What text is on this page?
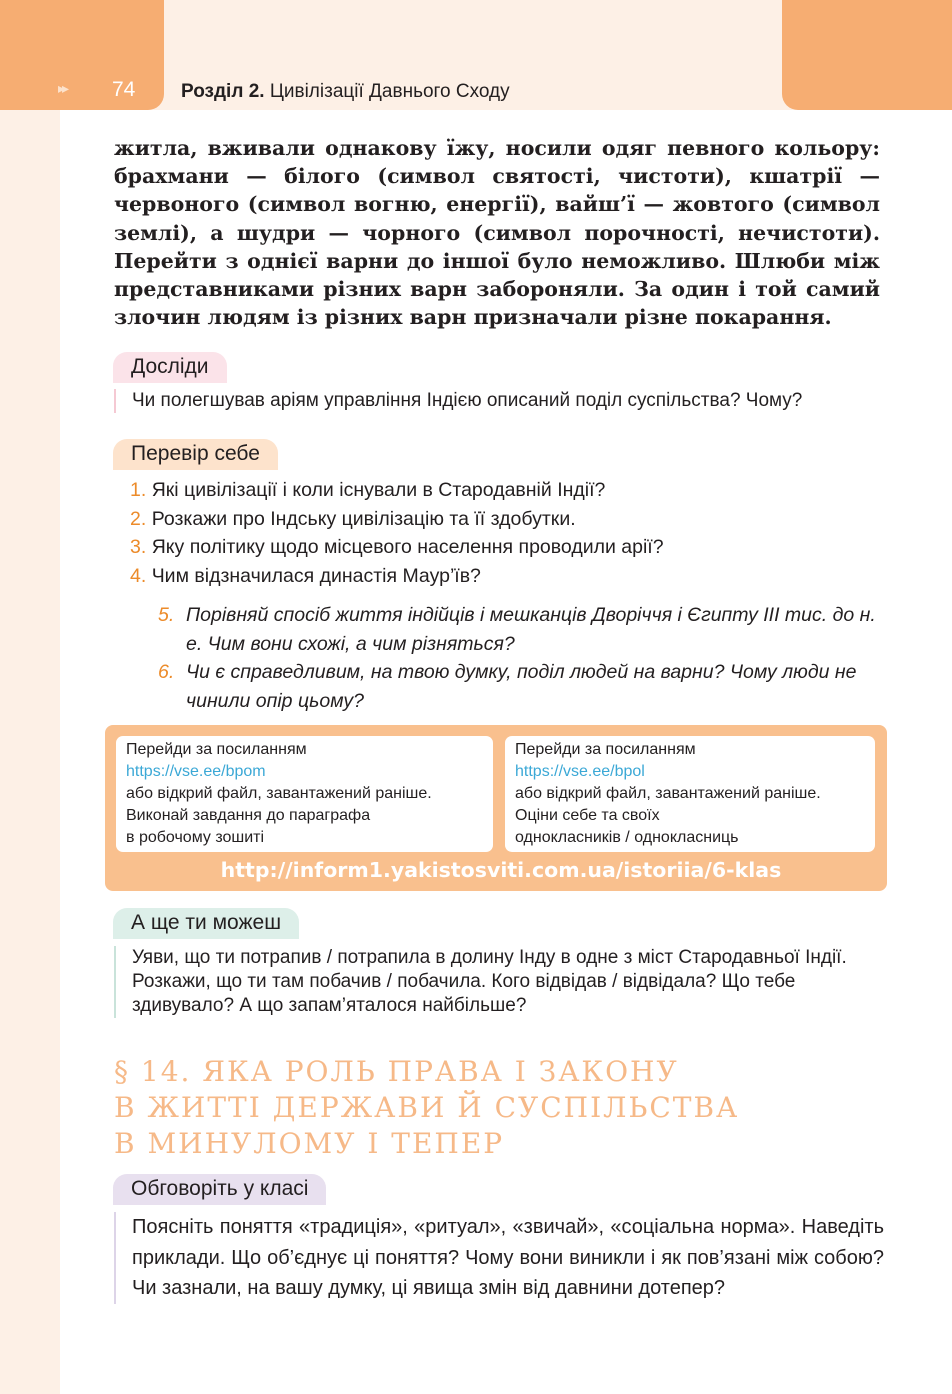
▸▸ 74 Розділ 2. Цивілізації Давнього Сходу
житла, вживали однакову їжу, носили одяг певного кольору: брахмани — білого (символ святості, чистоти), кшатрії — червоного (символ вогню, енергії), вайш’ї — жовтого (символ землі), а шудри — чорного (символ порочності, нечистоти). Перейти з однієї варни до іншої було неможливо. Шлюби між представниками різних варн забороняли. За один і той самий злочин людям із різних варн призначали різне покарання.
Досліди
Чи полегшував аріям управління Індією описаний поділ суспільства? Чому?
Перевір себе
1. Які цивілізації і коли існували в Стародавній Індії?
2. Розкажи про Індську цивілізацію та її здобутки.
3. Яку політику щодо місцевого населення проводили арії?
4. Чим відзначилася династія Маур’їв?
5. Порівняй спосіб життя індійців і мешканців Дворіччя і Єгипту ІІІ тис. до н. е. Чим вони схожі, а чим різняться?
6. Чи є справедливим, на твою думку, поділ людей на варни? Чому люди не чинили опір цьому?
Перейди за посиланням
https://vse.ee/bpom
або відкрий файл, завантажений раніше.
Виконай завдання до параграфа
в робочому зошиті
Перейди за посиланням
https://vse.ee/bpol
або відкрий файл, завантажений раніше.
Оціни себе та своїх
однокласників / однокласниць
http://inform1.yakistosviti.com.ua/istoriia/6-klas
А ще ти можеш
Уяви, що ти потрапив / потрапила в долину Інду в одне з міст Стародавньої Індії. Розкажи, що ти там побачив / побачила. Кого відвідав / відвідала? Що тебе здивувало? А що запам’яталося найбільше?
§ 14. ЯКА РОЛЬ ПРАВА І ЗАКОНУ
В ЖИТТІ ДЕРЖАВИ Й СУСПІЛЬСТВА
В МИНУЛОМУ І ТЕПЕР
Обговоріть у класі
Поясніть поняття «традиція», «ритуал», «звичай», «соціальна норма». Наведіть приклади. Що об’єднує ці поняття? Чому вони виникли і як пов’язані між собою? Чи зазнали, на вашу думку, ці явища змін від давнини дотепер?
